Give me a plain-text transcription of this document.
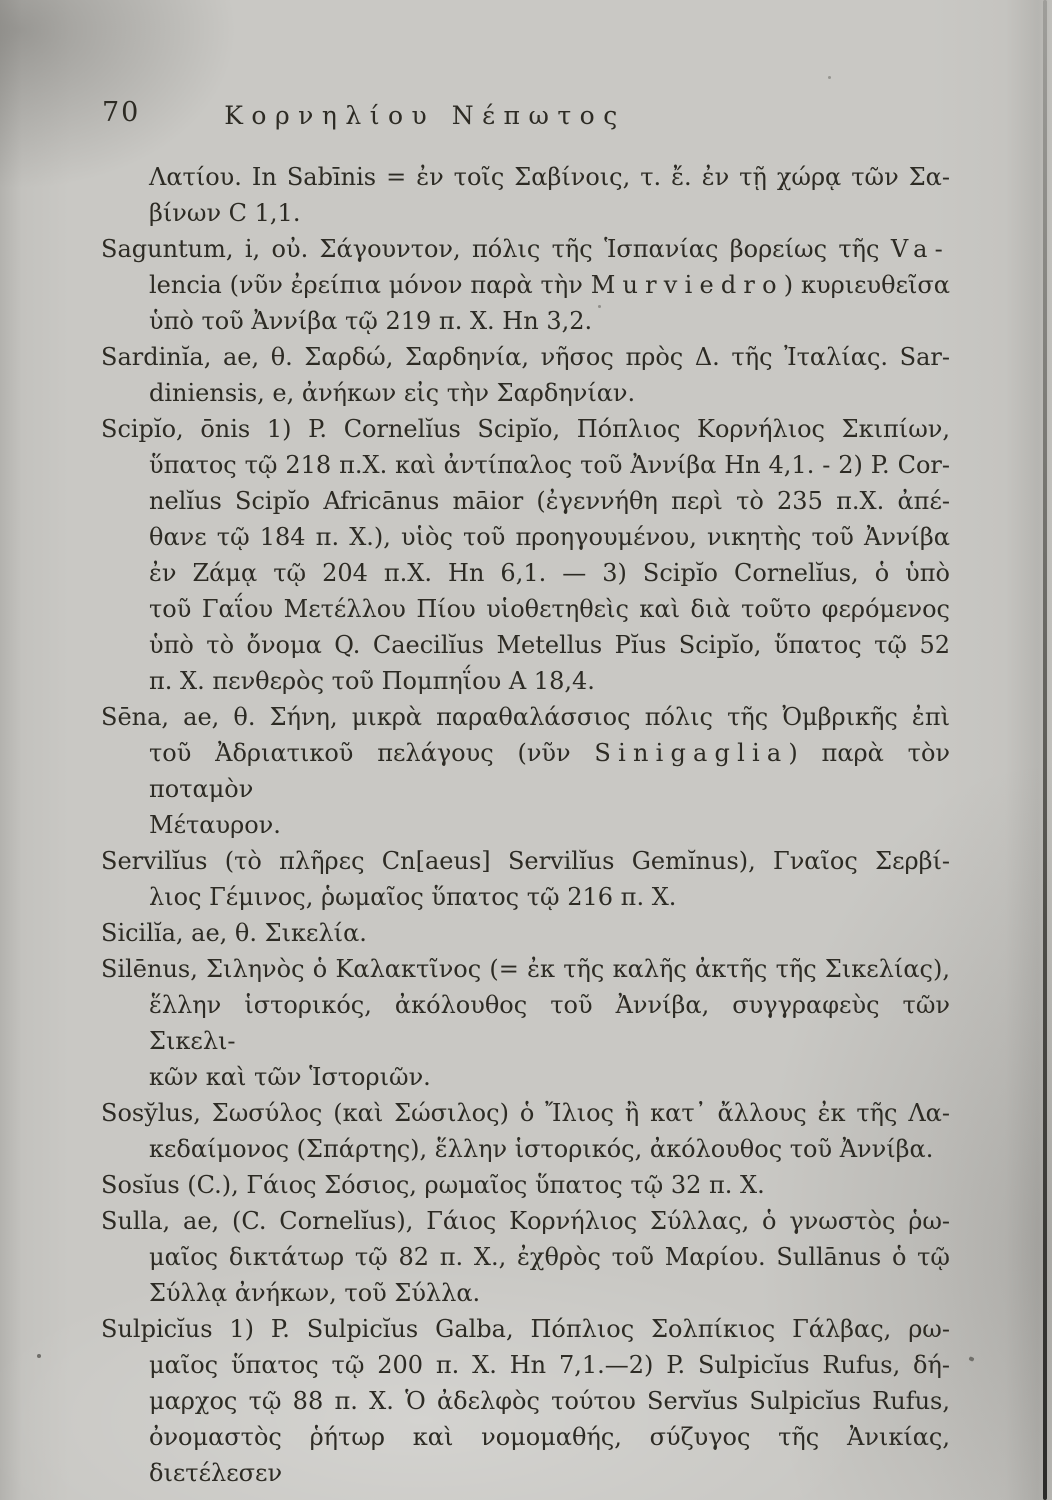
70	Κορνηλίου Νέπωτος
Λατίου. In Sabīnis = ἐν τοῖς Σαβίνοις, τ. ἔ. ἐν τῇ χώρᾳ τῶν Σα-
βίνων C 1,1.
Saguntum, i, οὐ. Σάγουντον, πόλις τῆς Ἱσπανίας βορείως τῆς Va-
lencia (νῦν ἐρείπια μόνον παρὰ τὴν Murviedro) κυριευθεῖσα
ὑπὸ τοῦ Ἀννίβα τῷ 219 π. Χ. Hn 3,2.
Sardinĭa, ae, θ. Σαρδώ, Σαρδηνία, νῆσος πρὸς Δ. τῆς Ἰταλίας. Sar-
diniensis, e, ἀνήκων εἰς τὴν Σαρδηνίαν.
Scipĭo, ōnis 1) P. Cornelĭus Scipĭo, Πόπλιος Κορνήλιος Σκιπίων,
ὕπατος τῷ 218 π.Χ. καὶ ἀντίπαλος τοῦ Ἀννίβα Hn 4,1. - 2) P. Cor-
nelĭus Scipĭo Africānus māior (ἐγεννήθη περὶ τὸ 235 π.Χ. ἀπέ-
θανε τῷ 184 π. Χ.), υἱὸς τοῦ προηγουμένου, νικητὴς τοῦ Ἀννίβα
ἐν Ζάμᾳ τῷ 204 π.Χ. Hn 6,1. — 3) Scipĭo Cornelĭus, ὁ ὑπὸ
τοῦ Γαΐου Μετέλλου Πίου υἱοθετηθεὶς καὶ διὰ τοῦτο φερόμενος
ὑπὸ τὸ ὄνομα Q. Caecilĭus Metellus Pĭus Scipĭo, ὕπατος τῷ 52
π. Χ. πενθερὸς τοῦ Πομπηΐου A 18,4.
Sēna, ae, θ. Σήνη, μικρὰ παραθαλάσσιος πόλις τῆς Ὀμβρικῆς ἐπὶ
τοῦ Ἀδριατικοῦ πελάγους (νῦν Sinigaglia) παρὰ τὸν ποταμὸν
Μέταυρον.
Servilĭus (τὸ πλῆρες Cn[aeus] Servilĭus Gemĭnus), Γναῖος Σερβί-
λιος Γέμινος, ῥωμαῖος ὕπατος τῷ 216 π. Χ.
Sicilĭa, ae, θ. Σικελία.
Silēnus, Σιληνὸς ὁ Καλακτῖνος (= ἐκ τῆς καλῆς ἀκτῆς τῆς Σικελίας),
ἕλλην ἱστορικός, ἀκόλουθος τοῦ Ἀννίβα, συγγραφεὺς τῶν Σικελι-
κῶν καὶ τῶν Ἱστοριῶν.
Sosy̆lus, Σωσύλος (καὶ Σώσιλος) ὁ Ἴλιος ἢ κατ᾽ ἄλλους ἐκ τῆς Λα-
κεδαίμονος (Σπάρτης), ἕλλην ἱστορικός, ἀκόλουθος τοῦ Ἀννίβα.
Sosĭus (C.), Γάιος Σόσιος, ρωμαῖος ὕπατος τῷ 32 π. Χ.
Sulla, ae, (C. Cornelĭus), Γάιος Κορνήλιος Σύλλας, ὁ γνωστὸς ῥω-
μαῖος δικτάτωρ τῷ 82 π. Χ., ἐχθρὸς τοῦ Μαρίου. Sullānus ὁ τῷ
Σύλλᾳ ἀνήκων, τοῦ Σύλλα.
Sulpicĭus 1) P. Sulpicĭus Galba, Πόπλιος Σολπίκιος Γάλβας, ρω-
μαῖος ὕπατος τῷ 200 π. Χ. Hn 7,1.—2) P. Sulpicĭus Rufus, δή-
μαρχος τῷ 88 π. Χ. Ὁ ἀδελφὸς τούτου Servĭus Sulpicĭus Rufus,
ὀνομαστὸς ῥήτωρ καὶ νομομαθής, σύζυγος τῆς Ἀνικίας, διετέλεσεν
